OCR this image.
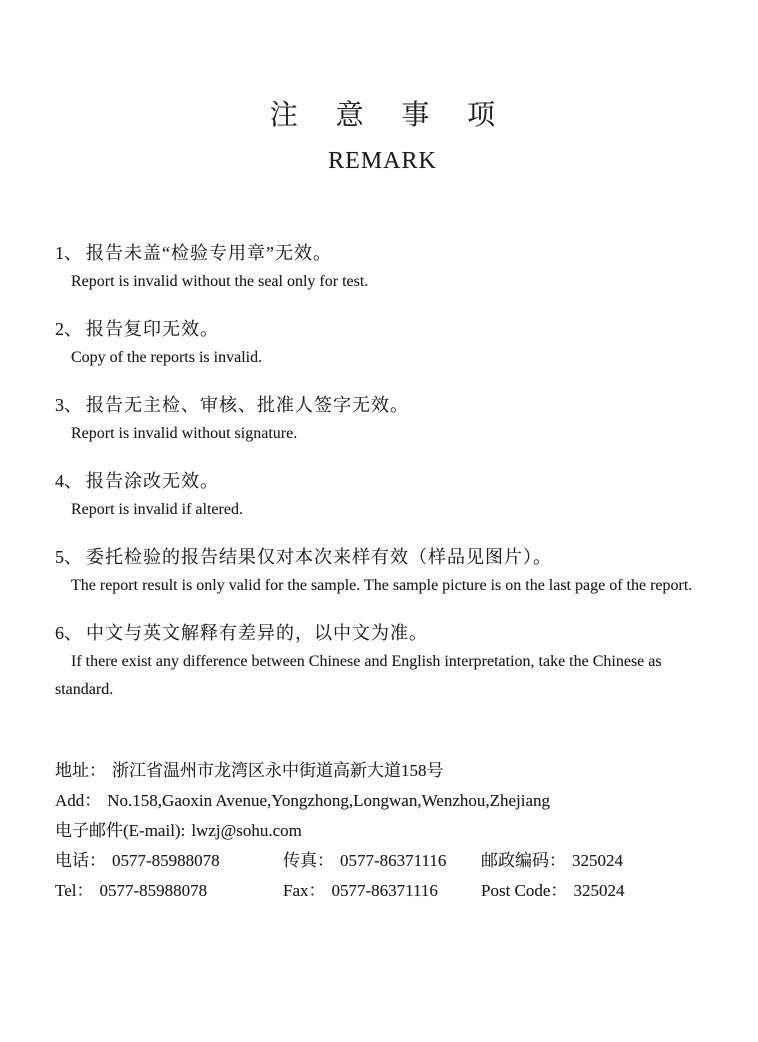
注 意 事 项
REMARK

1、 报告未盖“检验专用章”无效。

Report is invalid without the seal only for test.

2、 报告复印无效。

Copy of the reports is invalid.

3、 报告无主检、审核、批准人签字无效。

Report is invalid without signature.

4、 报告涂改无效。

Report is invalid if altered.

5、 委托检验的报告结果仅对本次来样有效（样品见图片）。

The report result is only valid for the sample. The sample picture is on the last page of the report.

6、 中文与英文解释有差异的，以中文为准。

If there exist any difference between Chinese and English interpretation, take the Chinese as standard.

地址： 浙江省温州市龙湾区永中街道高新大道158号

Add： No.158,Gaoxin Avenue,Yongzhong,Longwan,Wenzhou,Zhejiang

电子邮件(E-mail): lwzj@sohu.com

电话： 0577-85988078	传真： 0577-86371116	邮政编码： 325024
Tel： 0577-85988078	Fax： 0577-86371116	Post Code： 325024
